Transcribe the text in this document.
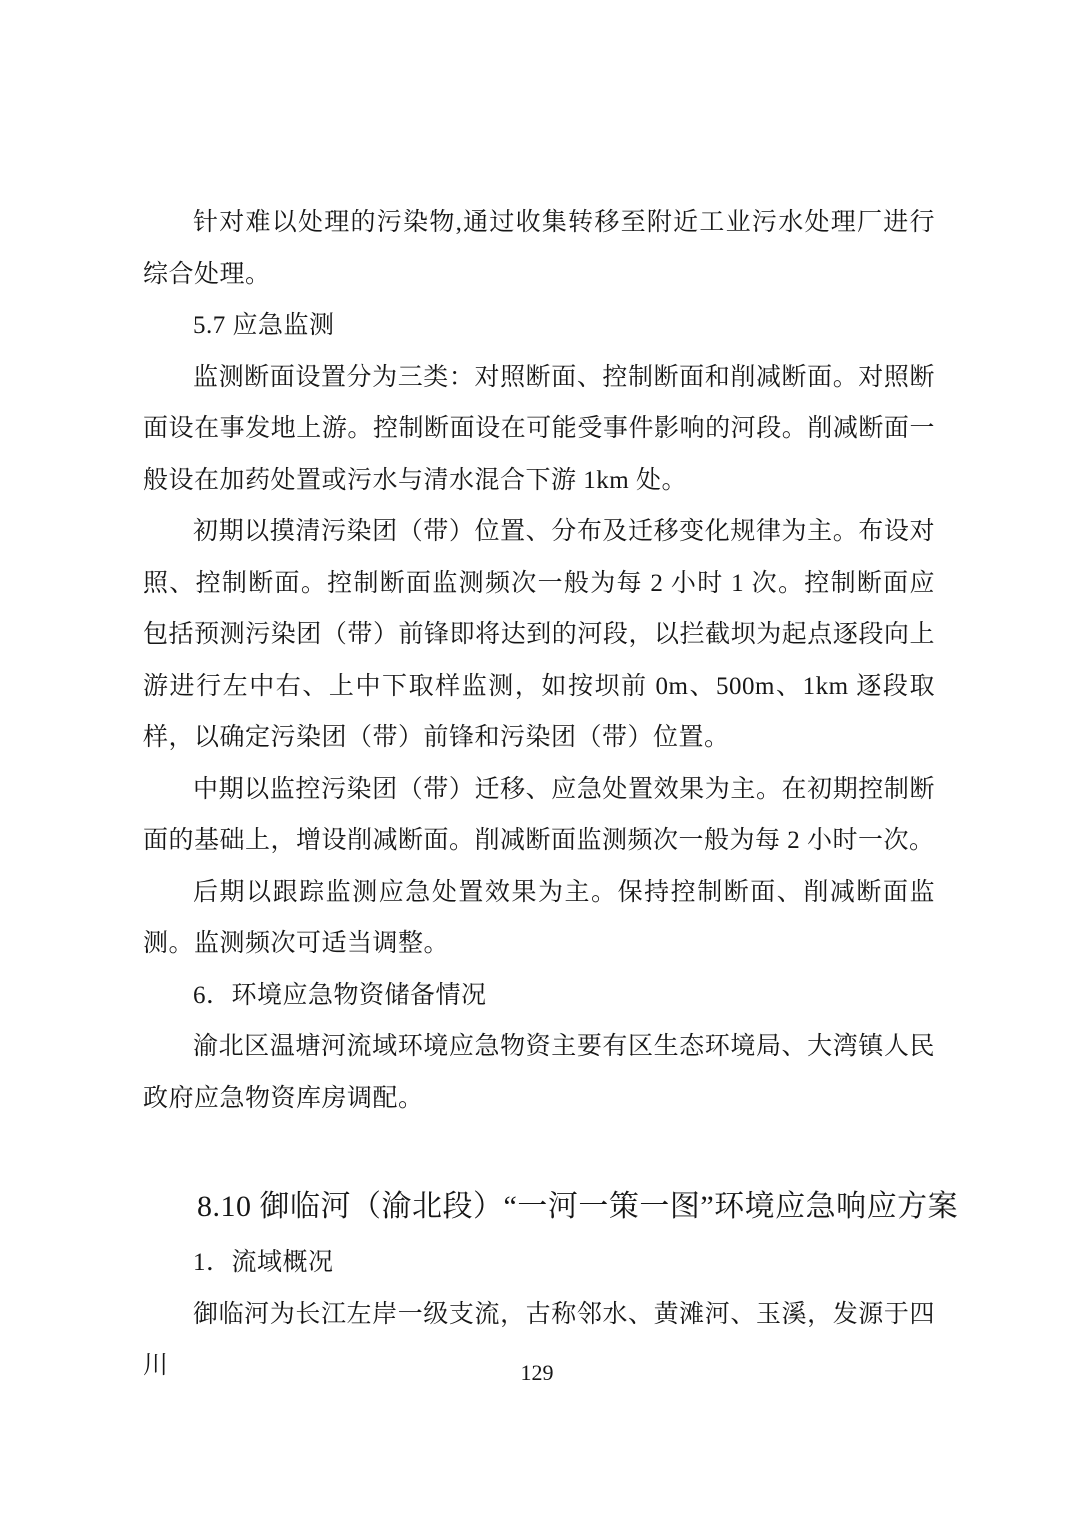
针对难以处理的污染物,通过收集转移至附近工业污水处理厂进行综合处理。

5.7 应急监测

监测断面设置分为三类：对照断面、控制断面和削减断面。对照断面设在事发地上游。控制断面设在可能受事件影响的河段。削减断面一般设在加药处置或污水与清水混合下游 1km 处。

初期以摸清污染团（带）位置、分布及迁移变化规律为主。布设对照、控制断面。控制断面监测频次一般为每 2 小时 1 次。控制断面应包括预测污染团（带）前锋即将达到的河段，以拦截坝为起点逐段向上游进行左中右、上中下取样监测，如按坝前 0m、500m、1km 逐段取样，以确定污染团（带）前锋和污染团（带）位置。

中期以监控污染团（带）迁移、应急处置效果为主。在初期控制断面的基础上，增设削减断面。削减断面监测频次一般为每 2 小时一次。

后期以跟踪监测应急处置效果为主。保持控制断面、削减断面监测。监测频次可适当调整。

6．环境应急物资储备情况

渝北区温塘河流域环境应急物资主要有区生态环境局、大湾镇人民政府应急物资库房调配。

8.10 御临河（渝北段）“一河一策一图”环境应急响应方案

1．流域概况

御临河为长江左岸一级支流，古称邻水、黄滩河、玉溪，发源于四川	129
